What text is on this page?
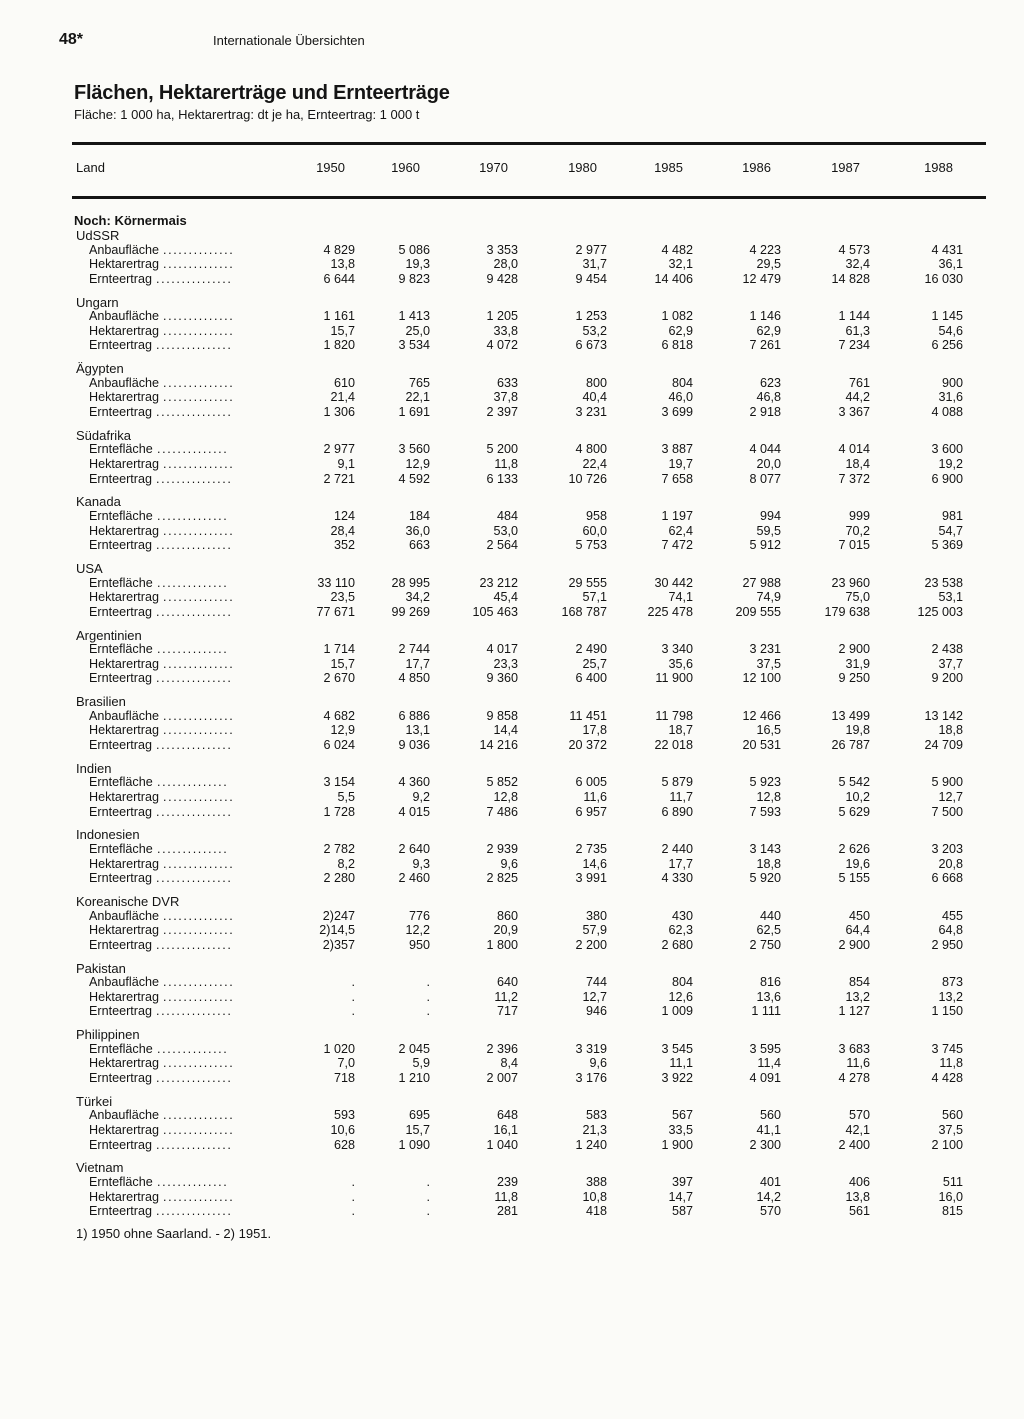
48*	Internationale Übersichten
Flächen, Hektarerträge und Ernteerträge
Fläche: 1 000 ha, Hektarertrag: dt je ha, Ernteertrag: 1 000 t
Land	1950	1960	1970	1980	1985	1986	1987	1988
Noch: Körnermais
UdSSR
Anbaufläche ..............	4 829	5 086	3 353	2 977	4 482	4 223	4 573	4 431
Hektarertrag ..............	13,8	19,3	28,0	31,7	32,1	29,5	32,4	36,1
Ernteertrag ...............	6 644	9 823	9 428	9 454	14 406	12 479	14 828	16 030
Ungarn
Anbaufläche ..............	1 161	1 413	1 205	1 253	1 082	1 146	1 144	1 145
Hektarertrag ..............	15,7	25,0	33,8	53,2	62,9	62,9	61,3	54,6
Ernteertrag ...............	1 820	3 534	4 072	6 673	6 818	7 261	7 234	6 256
Ägypten
Anbaufläche ..............	610	765	633	800	804	623	761	900
Hektarertrag ..............	21,4	22,1	37,8	40,4	46,0	46,8	44,2	31,6
Ernteertrag ...............	1 306	1 691	2 397	3 231	3 699	2 918	3 367	4 088
Südafrika
Erntefläche ..............	2 977	3 560	5 200	4 800	3 887	4 044	4 014	3 600
Hektarertrag ..............	9,1	12,9	11,8	22,4	19,7	20,0	18,4	19,2
Ernteertrag ...............	2 721	4 592	6 133	10 726	7 658	8 077	7 372	6 900
Kanada
Erntefläche ..............	124	184	484	958	1 197	994	999	981
Hektarertrag ..............	28,4	36,0	53,0	60,0	62,4	59,5	70,2	54,7
Ernteertrag ...............	352	663	2 564	5 753	7 472	5 912	7 015	5 369
USA
Erntefläche ..............	33 110	28 995	23 212	29 555	30 442	27 988	23 960	23 538
Hektarertrag ..............	23,5	34,2	45,4	57,1	74,1	74,9	75,0	53,1
Ernteertrag ...............	77 671	99 269	105 463	168 787	225 478	209 555	179 638	125 003
Argentinien
Erntefläche ..............	1 714	2 744	4 017	2 490	3 340	3 231	2 900	2 438
Hektarertrag ..............	15,7	17,7	23,3	25,7	35,6	37,5	31,9	37,7
Ernteertrag ...............	2 670	4 850	9 360	6 400	11 900	12 100	9 250	9 200
Brasilien
Anbaufläche ..............	4 682	6 886	9 858	11 451	11 798	12 466	13 499	13 142
Hektarertrag ..............	12,9	13,1	14,4	17,8	18,7	16,5	19,8	18,8
Ernteertrag ...............	6 024	9 036	14 216	20 372	22 018	20 531	26 787	24 709
Indien
Erntefläche ..............	3 154	4 360	5 852	6 005	5 879	5 923	5 542	5 900
Hektarertrag ..............	5,5	9,2	12,8	11,6	11,7	12,8	10,2	12,7
Ernteertrag ...............	1 728	4 015	7 486	6 957	6 890	7 593	5 629	7 500
Indonesien
Erntefläche ..............	2 782	2 640	2 939	2 735	2 440	3 143	2 626	3 203
Hektarertrag ..............	8,2	9,3	9,6	14,6	17,7	18,8	19,6	20,8
Ernteertrag ...............	2 280	2 460	2 825	3 991	4 330	5 920	5 155	6 668
Koreanische DVR
Anbaufläche ..............	2)247	776	860	380	430	440	450	455
Hektarertrag ..............	2)14,5	12,2	20,9	57,9	62,3	62,5	64,4	64,8
Ernteertrag ...............	2)357	950	1 800	2 200	2 680	2 750	2 900	2 950
Pakistan
Anbaufläche ..............	.	.	640	744	804	816	854	873
Hektarertrag ..............	.	.	11,2	12,7	12,6	13,6	13,2	13,2
Ernteertrag ...............	.	.	717	946	1 009	1 111	1 127	1 150
Philippinen
Erntefläche ..............	1 020	2 045	2 396	3 319	3 545	3 595	3 683	3 745
Hektarertrag ..............	7,0	5,9	8,4	9,6	11,1	11,4	11,6	11,8
Ernteertrag ...............	718	1 210	2 007	3 176	3 922	4 091	4 278	4 428
Türkei
Anbaufläche ..............	593	695	648	583	567	560	570	560
Hektarertrag ..............	10,6	15,7	16,1	21,3	33,5	41,1	42,1	37,5
Ernteertrag ...............	628	1 090	1 040	1 240	1 900	2 300	2 400	2 100
Vietnam
Erntefläche ..............	.	.	239	388	397	401	406	511
Hektarertrag ..............	.	.	11,8	10,8	14,7	14,2	13,8	16,0
Ernteertrag ...............	.	.	281	418	587	570	561	815
1) 1950 ohne Saarland. - 2) 1951.
